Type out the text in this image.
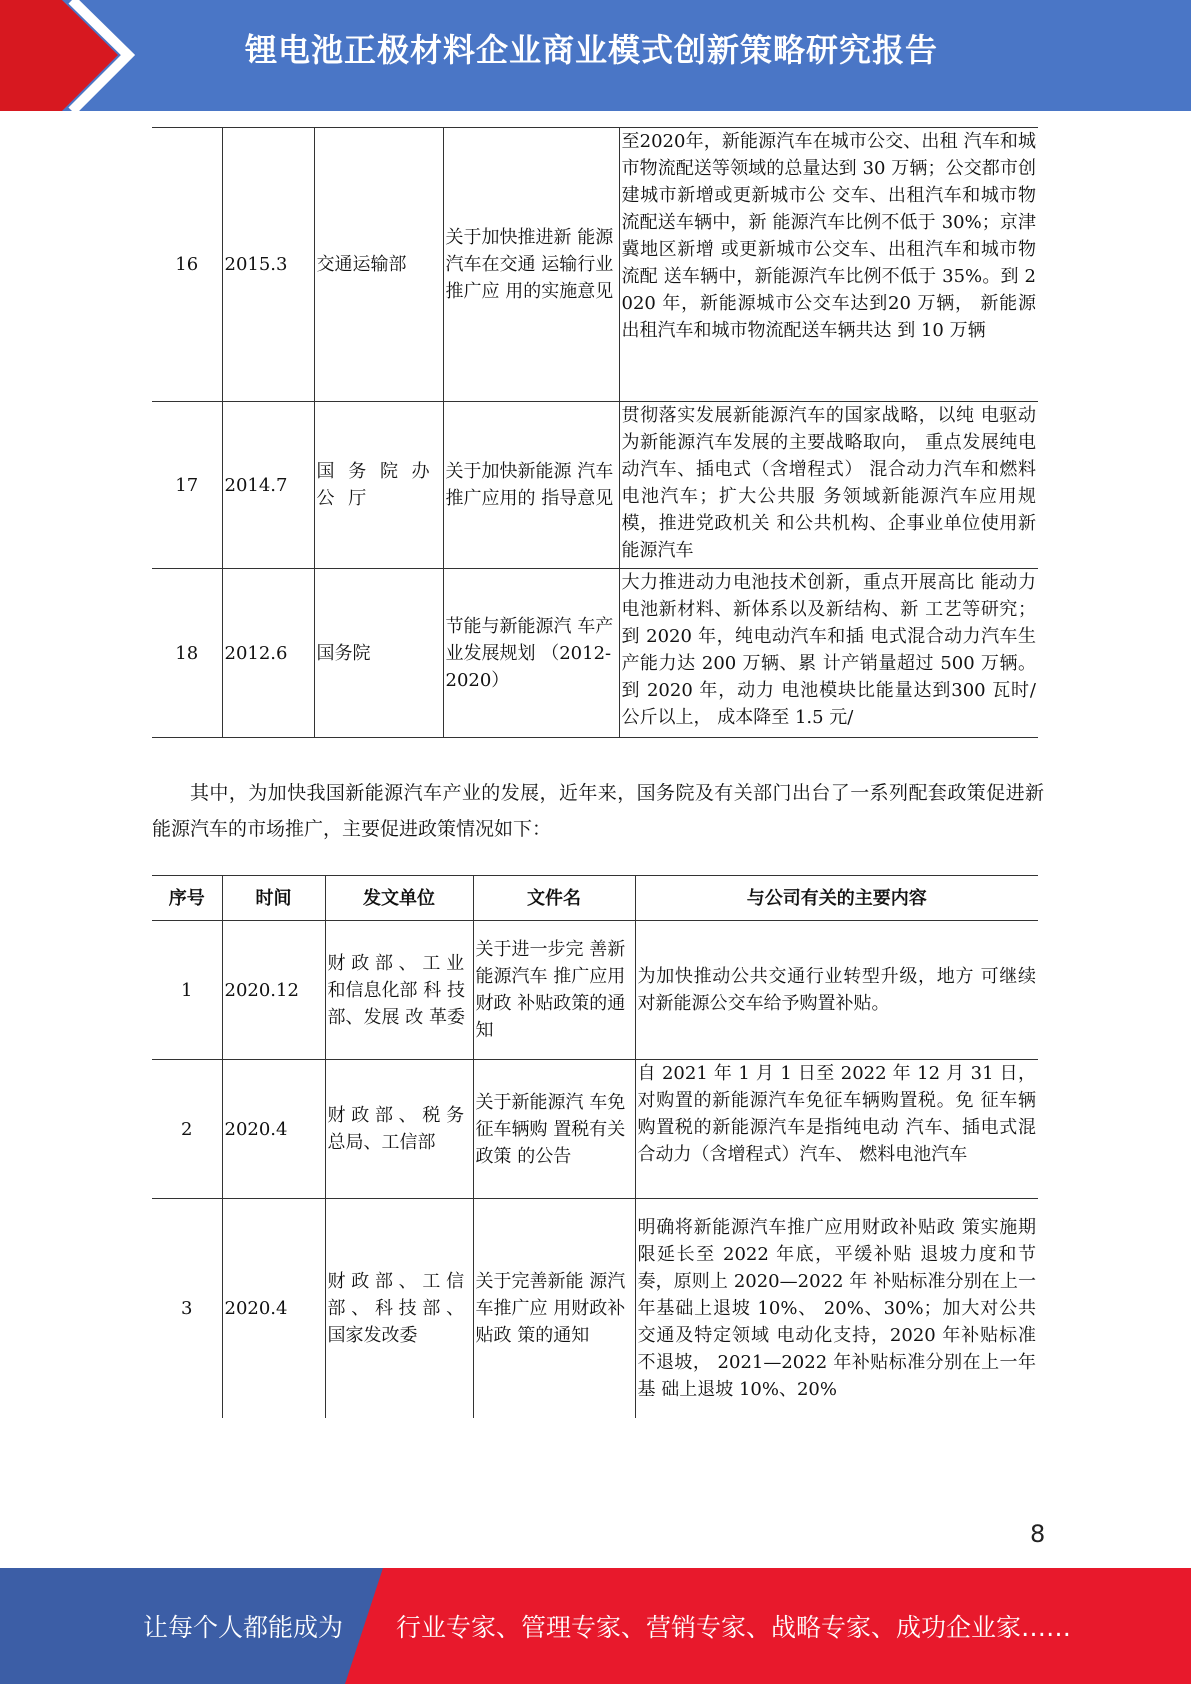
锂电池正极材料企业商业模式创新策略研究报告
16	2015.3	交通运输部	关于加快推进新 能源汽车在交通 运输行业推广应 用的实施意见	至2020年，新能源汽车在城市公交、出租 汽车和城市物流配送等领域的总量达到 30 万辆；公交都市创建城市新增或更新城市公 交车、出租汽车和城市物流配送车辆中，新 能源汽车比例不低于 30%；京津冀地区新增 或更新城市公交车、出租汽车和城市物流配 送车辆中，新能源汽车比例不低于 35%。到 2020 年，新能源城市公交车达到20 万辆， 新能源出租汽车和城市物流配送车辆共达 到 10 万辆
17	2014.7	国 务 院 办 公 厅	关于加快新能源 汽车推广应用的 指导意见	贯彻落实发展新能源汽车的国家战略，以纯 电驱动为新能源汽车发展的主要战略取向， 重点发展纯电动汽车、插电式（含增程式） 混合动力汽车和燃料电池汽车；扩大公共服 务领域新能源汽车应用规模，推进党政机关 和公共机构、企事业单位使用新能源汽车
18	2012.6	国务院	节能与新能源汽 车产业发展规划 （2012-2020）	大力推进动力电池技术创新，重点开展高比 能动力电池新材料、新体系以及新结构、新 工艺等研究；到 2020 年，纯电动汽车和插 电式混合动力汽车生产能力达 200 万辆、累 计产销量超过 500 万辆。到 2020 年，动力 电池模块比能量达到300 瓦时/公斤以上， 成本降至 1.5 元/
其中，为加快我国新能源汽车产业的发展，近年来，国务院及有关部门出台了一系列配套政策促进新能源汽车的市场推广，主要促进政策情况如下：
序号	时间	发文单位	文件名	与公司有关的主要内容
1	2020.12	财 政 部 、 工 业 和信息化部 科 技部、发展 改 革委	关于进一步完 善新能源汽车 推广应用财政 补贴政策的通 知	为加快推动公共交通行业转型升级，地方 可继续对新能源公交车给予购置补贴。
2	2020.4	财 政 部 、 税 务 总局、工信部	关于新能源汽 车免征车辆购 置税有关政策 的公告	自 2021 年 1 月 1 日至 2022 年 12 月 31 日，对购置的新能源汽车免征车辆购置税。免 征车辆购置税的新能源汽车是指纯电动 汽车、插电式混合动力（含增程式）汽车、 燃料电池汽车
3	2020.4	财 政 部 、 工 信 部 、 科 技 部 、 国家发改委	关于完善新能 源汽车推广应 用财政补贴政 策的通知	明确将新能源汽车推广应用财政补贴政 策实施期限延长至 2022 年底，平缓补贴 退坡力度和节奏，原则上 2020—2022 年 补贴标准分别在上一年基础上退坡 10%、 20%、30%；加大对公共交通及特定领域 电动化支持，2020 年补贴标准不退坡， 2021—2022 年补贴标准分别在上一年基 础上退坡 10%、20%
8
让每个人都能成为 行业专家、管理专家、营销专家、战略专家、成功企业家……
